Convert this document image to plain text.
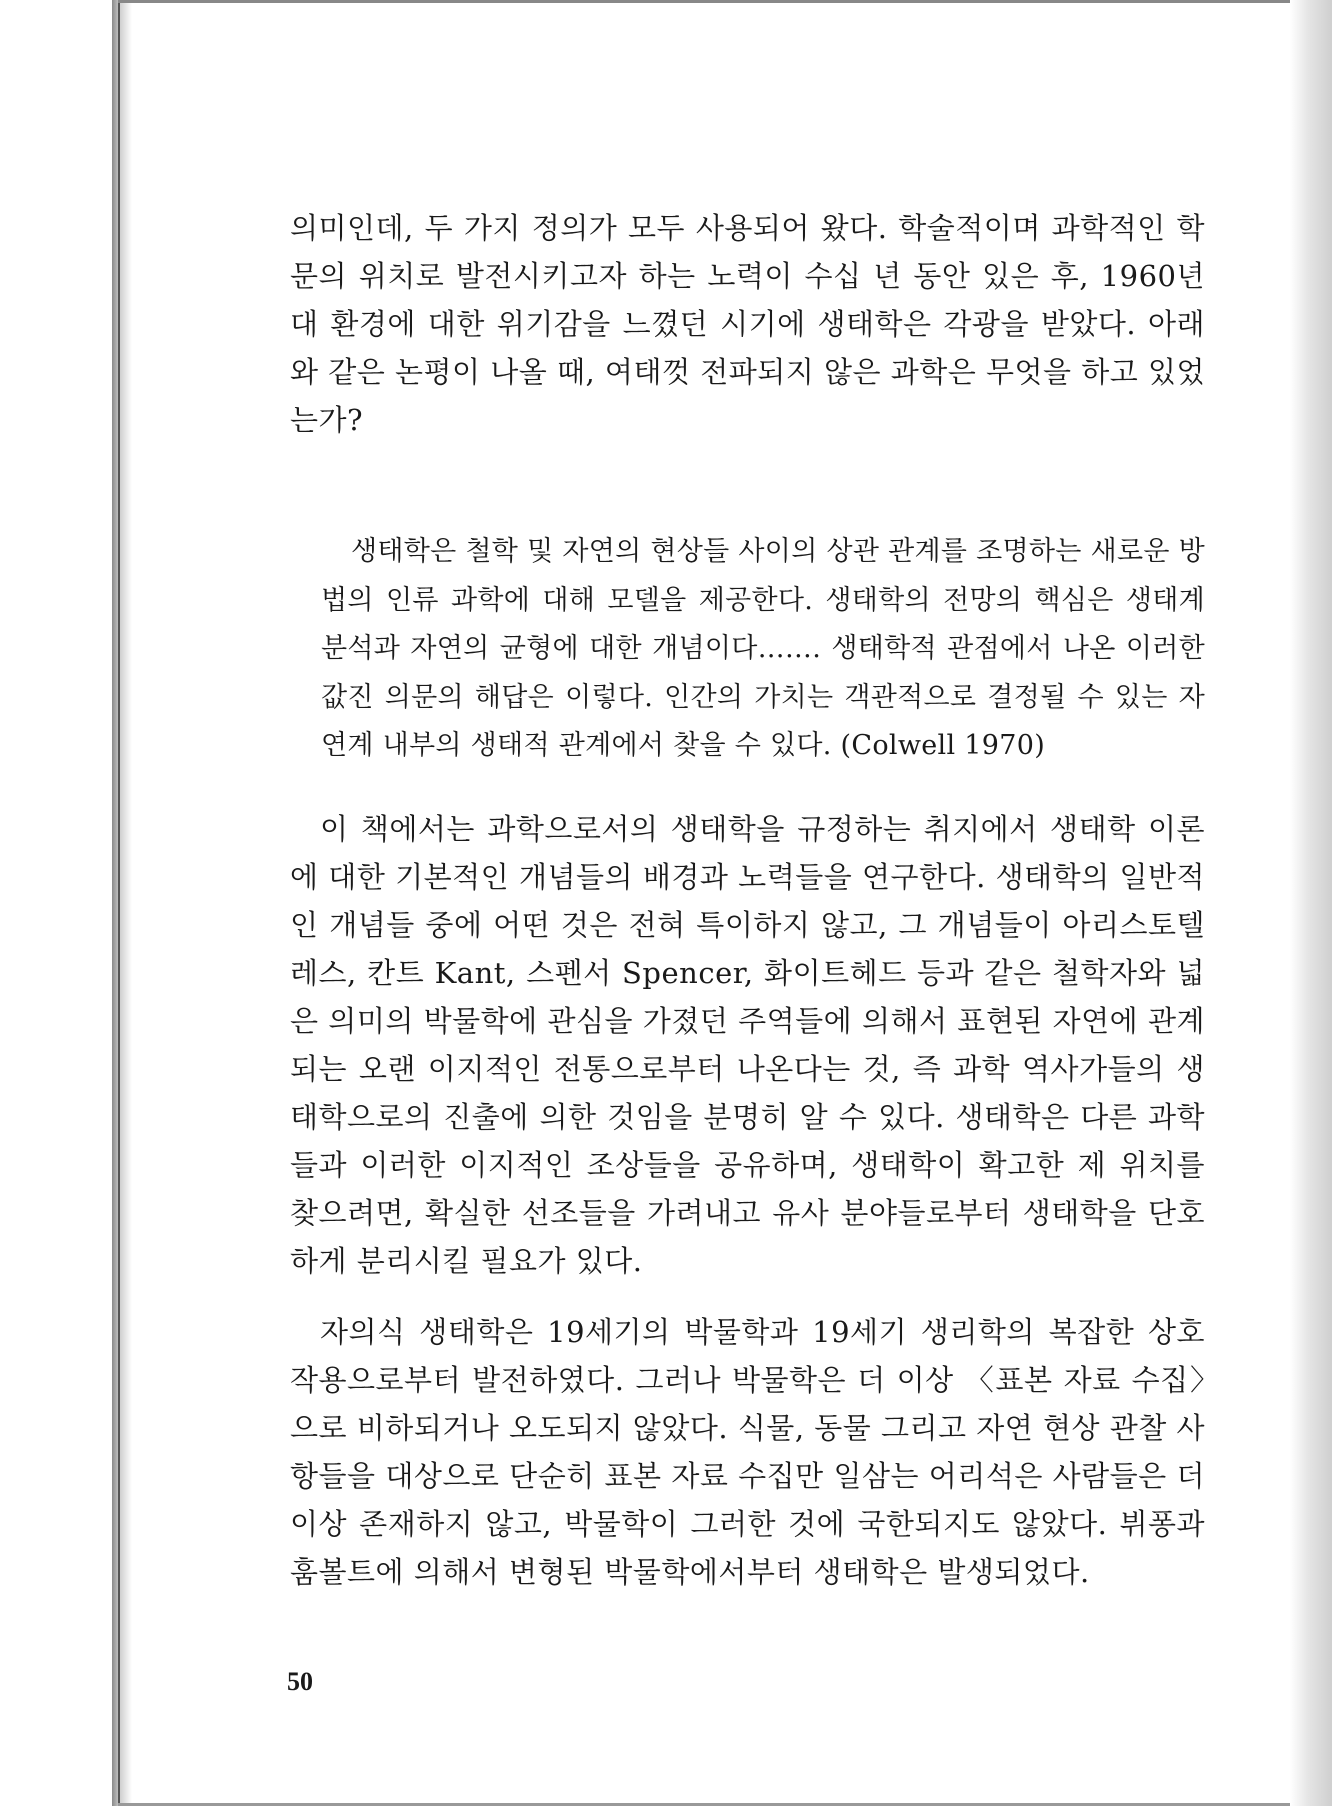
의미인데, 두 가지 정의가 모두 사용되어 왔다. 학술적이며 과학적인 학문의 위치로 발전시키고자 하는 노력이 수십 년 동안 있은 후, 1960년대 환경에 대한 위기감을 느꼈던 시기에 생태학은 각광을 받았다. 아래와 같은 논평이 나올 때, 여태껏 전파되지 않은 과학은 무엇을 하고 있었는가?

생태학은 철학 및 자연의 현상들 사이의 상관 관계를 조명하는 새로운 방법의 인류 과학에 대해 모델을 제공한다. 생태학의 전망의 핵심은 생태계 분석과 자연의 균형에 대한 개념이다……. 생태학적 관점에서 나온 이러한 값진 의문의 해답은 이렇다. 인간의 가치는 객관적으로 결정될 수 있는 자연계 내부의 생태적 관계에서 찾을 수 있다. (Colwell 1970)

이 책에서는 과학으로서의 생태학을 규정하는 취지에서 생태학 이론에 대한 기본적인 개념들의 배경과 노력들을 연구한다. 생태학의 일반적인 개념들 중에 어떤 것은 전혀 특이하지 않고, 그 개념들이 아리스토텔레스, 칸트 Kant, 스펜서 Spencer, 화이트헤드 등과 같은 철학자와 넓은 의미의 박물학에 관심을 가졌던 주역들에 의해서 표현된 자연에 관계되는 오랜 이지적인 전통으로부터 나온다는 것, 즉 과학 역사가들의 생태학으로의 진출에 의한 것임을 분명히 알 수 있다. 생태학은 다른 과학들과 이러한 이지적인 조상들을 공유하며, 생태학이 확고한 제 위치를 찾으려면, 확실한 선조들을 가려내고 유사 분야들로부터 생태학을 단호하게 분리시킬 필요가 있다.

자의식 생태학은 19세기의 박물학과 19세기 생리학의 복잡한 상호작용으로부터 발전하였다. 그러나 박물학은 더 이상 〈표본 자료 수집〉으로 비하되거나 오도되지 않았다. 식물, 동물 그리고 자연 현상 관찰 사항들을 대상으로 단순히 표본 자료 수집만 일삼는 어리석은 사람들은 더 이상 존재하지 않고, 박물학이 그러한 것에 국한되지도 않았다. 뷔퐁과 훔볼트에 의해서 변형된 박물학에서부터 생태학은 발생되었다.

50
